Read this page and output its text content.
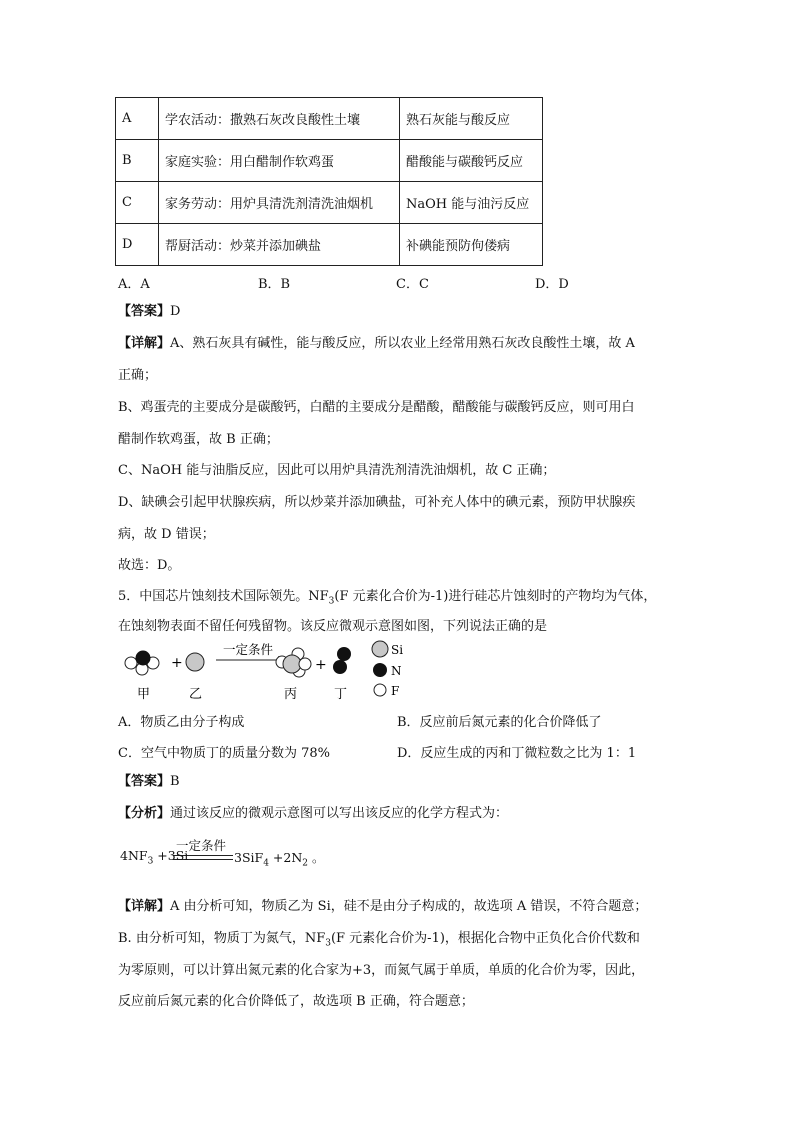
A	学农活动：撒熟石灰改良酸性土壤	熟石灰能与酸反应
B	家庭实验：用白醋制作软鸡蛋	醋酸能与碳酸钙反应
C	家务劳动：用炉具清洗剂清洗油烟机	NaOH 能与油污反应
D	帮厨活动：炒菜并添加碘盐	补碘能预防佝偻病
A．A	B．B	C．C	D．D
【答案】D
【详解】A、熟石灰具有碱性，能与酸反应，所以农业上经常用熟石灰改良酸性土壤，故 A
正确；
B、鸡蛋壳的主要成分是碳酸钙，白醋的主要成分是醋酸，醋酸能与碳酸钙反应，则可用白
醋制作软鸡蛋，故 B 正确；
C、NaOH 能与油脂反应，因此可以用炉具清洗剂清洗油烟机，故 C 正确；
D、缺碘会引起甲状腺疾病，所以炒菜并添加碘盐，可补充人体中的碘元素，预防甲状腺疾
病，故 D 错误；
故选：D。
5．中国芯片蚀刻技术国际领先。$NF_3(F$ 元素化合价为-1)进行硅芯片蚀刻时的产物均为气体，
在蚀刻物表面不留任何残留物。该反应微观示意图如图，下列说法正确的是
+
一定条件
+
甲	乙	丙	丁
Si
N
F
A．物质乙由分子构成	B．反应前后氮元素的化合价降低了
C．空气中物质丁的质量分数为 78%	D．反应生成的丙和丁微粒数之比为 1：1
【答案】B
【分析】通过该反应的微观示意图可以写出该反应的化学方程式为：
一定条件
$4NF_3 +3Si$	$3SiF_4 +2N_2$ 。
【详解】A 由分析可知，物质乙为 Si，硅不是由分子构成的，故选项 A 错误，不符合题意；
B. 由分析可知，物质丁为氮气，$NF_3(F$ 元素化合价为-1)，根据化合物中正负化合价代数和
为零原则，可以计算出氮元素的化合家为+3，而氮气属于单质，单质的化合价为零，因此，
反应前后氮元素的化合价降低了，故选项 B 正确，符合题意；
